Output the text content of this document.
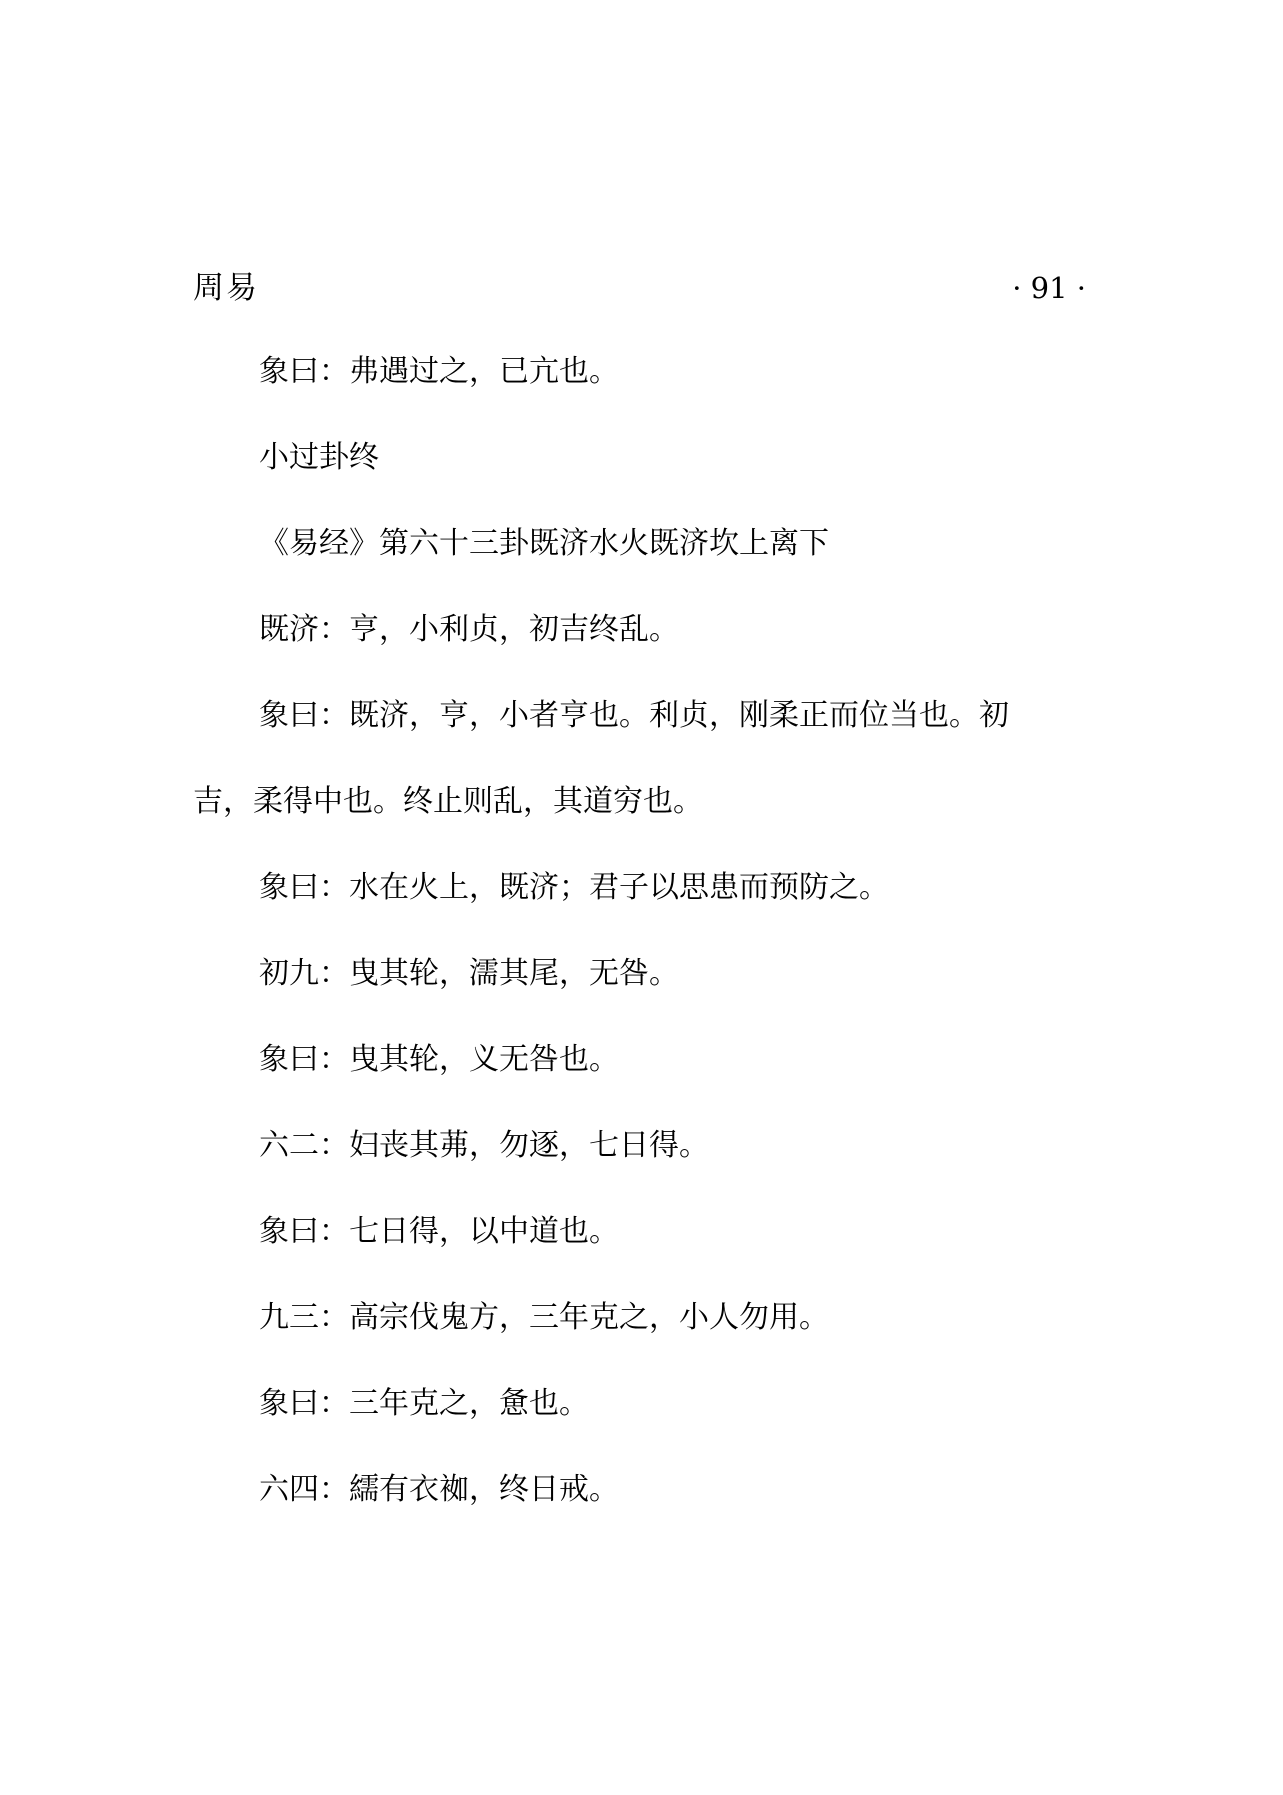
周易	· 91 ·

象曰：弗遇过之，已亢也。

小过卦终

《易经》第六十三卦既济水火既济坎上离下

既济：亨，小利贞，初吉终乱。

象曰：既济，亨，小者亨也。利贞，刚柔正而位当也。初

吉，柔得中也。终止则乱，其道穷也。

象曰：水在火上，既济；君子以思患而预防之。

初九：曳其轮，濡其尾，无咎。

象曰：曳其轮，义无咎也。

六二：妇丧其茀，勿逐，七日得。

象曰：七日得，以中道也。

九三：高宗伐鬼方，三年克之，小人勿用。

象曰：三年克之，惫也。

六四：繻有衣袽，终日戒。
